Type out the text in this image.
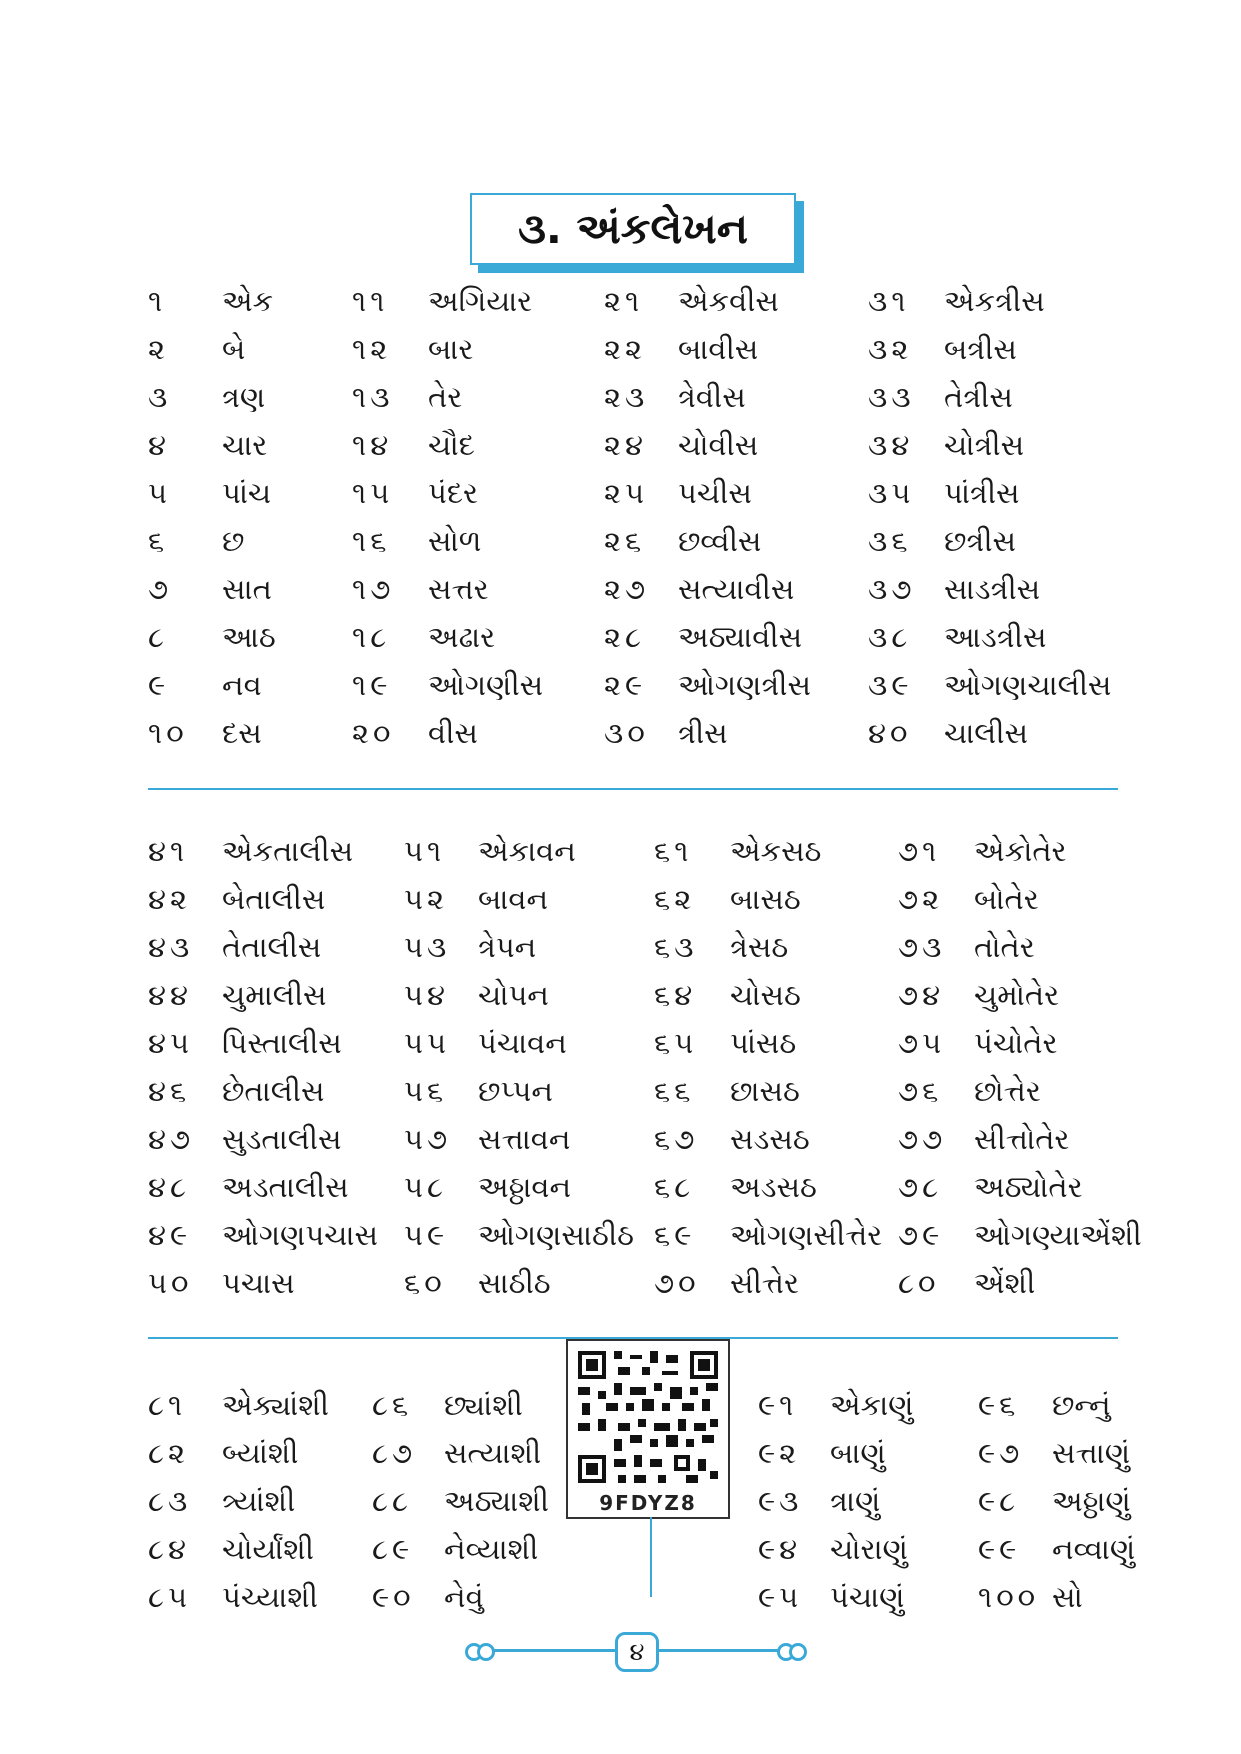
૩. અંકલેખન
૧ એક	૧૧ અગિયાર ૨૧ એકવીસ	૩૧ એકત્રીસ
૨ બે	૧૨ બાર	૨૨ બાવીસ	૩૨ બત્રીસ
૩ ત્રણ	૧૩ તેર	૨૩ ત્રેવીસ	૩૩ તેત્રીસ
૪ ચાર	૧૪ ચૌદ	૨૪ ચોવીસ	૩૪ ચોત્રીસ
૫ પાંચ	૧૫ પંદર	૨૫ પચીસ	૩૫ પાંત્રીસ
૬ છ	૧૬ સોળ	૨૬ છવ્વીસ	૩૬ છત્રીસ
૭ સાત	૧૭ સત્તર	૨૭ સત્યાવીસ	૩૭ સાડત્રીસ
૮ આઠ	૧૮ અઢાર	૨૮ અઠ્યાવીસ ૩૮ આડત્રીસ
૯ નવ	૧૯ ઓગણીસ ૨૯ ઓગણત્રીસ ૩૯ ઓગણચાલીસ
૧૦ દસ	૨૦ વીસ	૩૦ ત્રીસ	૪૦ ચાલીસ
૪૧ એકતાલીસ ૫૧ એકાવન	૬૧ એકસઠ	૭૧ એકોતેર
૪૨ બેતાલીસ	૫૨ બાવન	૬૨ બાસઠ	૭૨ બોતેર
૪૩ તેતાલીસ	૫૩ ત્રેપન	૬૩ ત્રેસઠ	૭૩ તોતેર
૪૪ ચુમાલીસ	૫૪ ચોપન	૬૪ ચોસઠ	૭૪ ચુમોતેર
૪૫ પિસ્તાલીસ ૫૫ પંચાવન	૬૫ પાંસઠ	૭૫ પંચોતેર
૪૬ છેતાલીસ	૫૬ છપ્પન	૬૬ છાસઠ	૭૬ છોત્તેર
૪૭ સુડતાલીસ ૫૭ સત્તાવન	૬૭ સડસઠ	૭૭ સીત્તોતેર
૪૮ અડતાલીસ ૫૮ અઠ્ઠાવન	૬૮ અડસઠ	૭૮ અઠ્યોતેર
૪૯ ઓગણપચાસ ૫૯ ઓગણસાઠીઠ ૬૯ ઓગણસીત્તેર ૭૯ ઓગણ્યાએંશી
૫૦ પચાસ	૬૦ સાઠીઠ	૭૦ સીત્તેર	૮૦ એંશી
૮૧ એક્યાંશી ૮૬ છ્યાંશી
૮૨ બ્યાંશી	૮૭ સત્યાશી
૮૩ ત્ર્યાંશી	૮૮ અઠ્યાશી
૮૪ ચોર્યાંશી ૮૯ નેવ્યાશી
૮૫ પંચ્યાશી ૯૦ નેવું
૯૧ એકાણું ૯૬ છન્નું
૯૨ બાણું	૯૭ સત્તાણું
૯૩ ત્રાણું	૯૮ અઠ્ઠાણું
૯૪ ચોરાણું ૯૯ નવ્વાણું
૯૫ પંચાણું	૧૦૦ સો
9FDYZ8
૪
